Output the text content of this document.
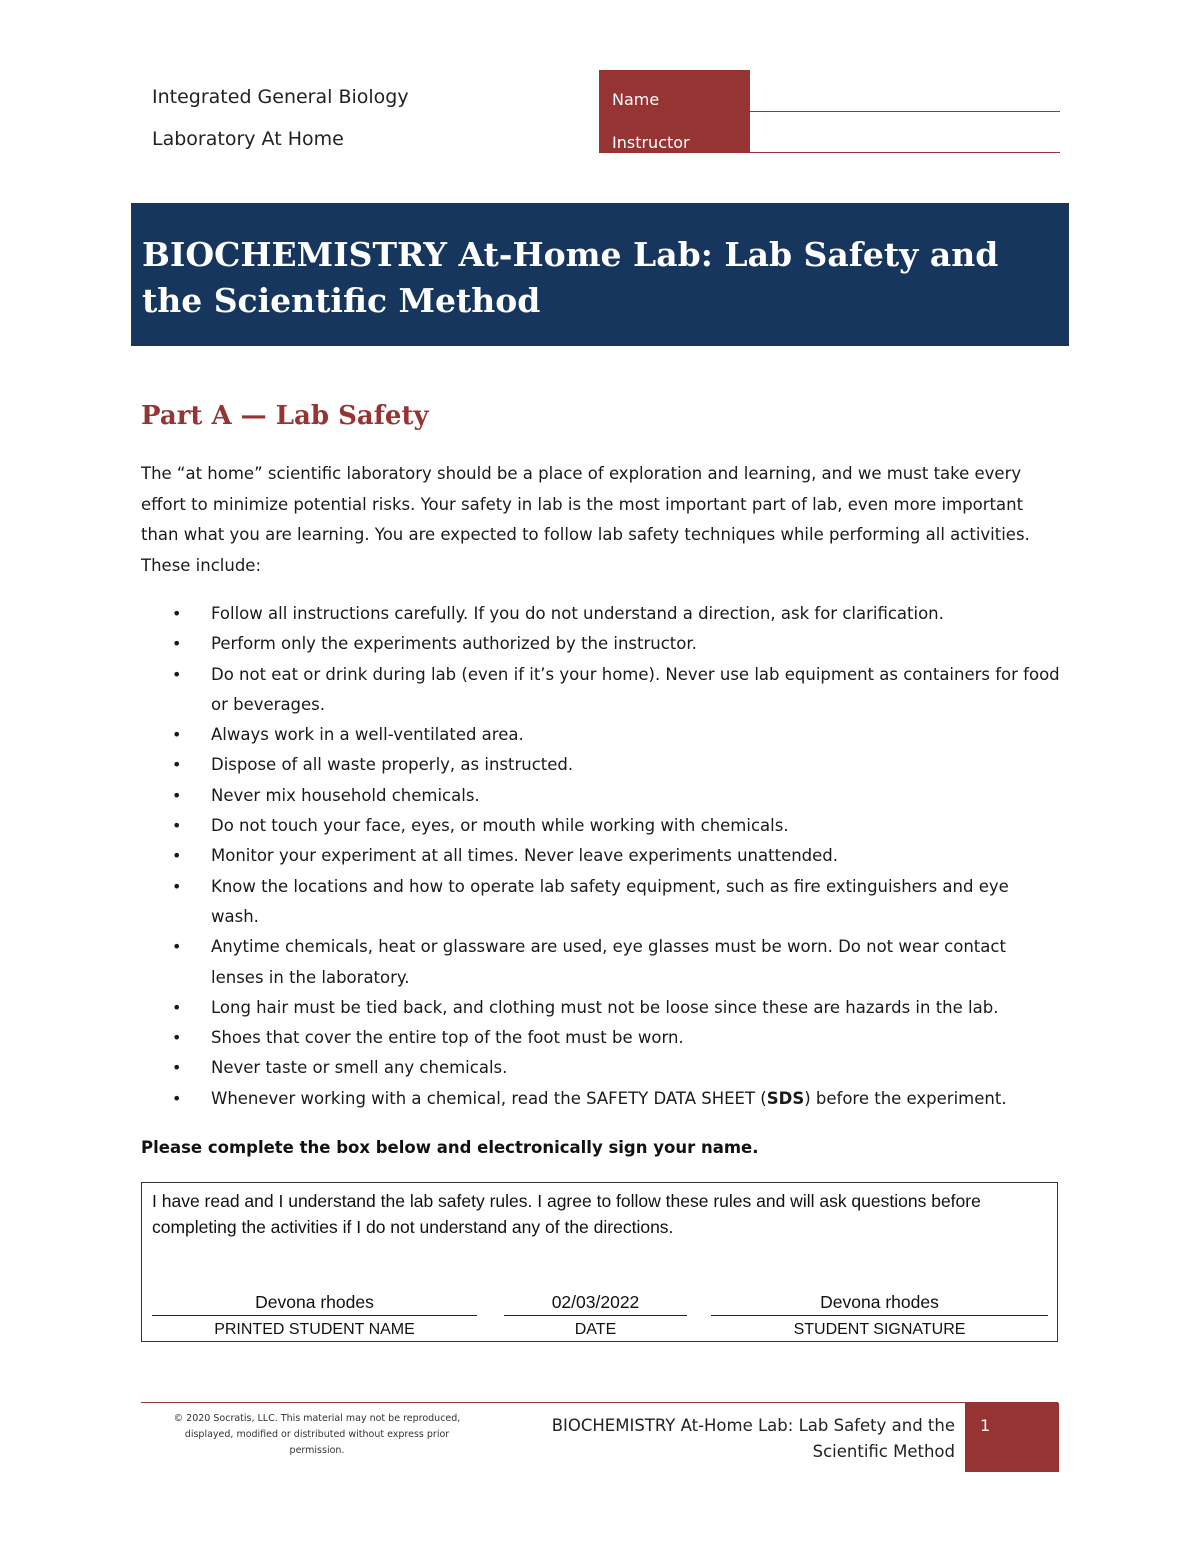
Integrated General Biology
Laboratory At Home
Name
Instructor
BIOCHEMISTRY At-Home Lab: Lab Safety and the Scientific Method
Part A — Lab Safety
The “at home” scientific laboratory should be a place of exploration and learning, and we must take every effort to minimize potential risks. Your safety in lab is the most important part of lab, even more important than what you are learning. You are expected to follow lab safety techniques while performing all activities. These include:
• Follow all instructions carefully. If you do not understand a direction, ask for clarification.
• Perform only the experiments authorized by the instructor.
• Do not eat or drink during lab (even if it’s your home). Never use lab equipment as containers for food or beverages.
• Always work in a well-ventilated area.
• Dispose of all waste properly, as instructed.
• Never mix household chemicals.
• Do not touch your face, eyes, or mouth while working with chemicals.
• Monitor your experiment at all times. Never leave experiments unattended.
• Know the locations and how to operate lab safety equipment, such as fire extinguishers and eye wash.
• Anytime chemicals, heat or glassware are used, eye glasses must be worn. Do not wear contact lenses in the laboratory.
• Long hair must be tied back, and clothing must not be loose since these are hazards in the lab.
• Shoes that cover the entire top of the foot must be worn.
• Never taste or smell any chemicals.
• Whenever working with a chemical, read the SAFETY DATA SHEET (SDS) before the experiment.
Please complete the box below and electronically sign your name.
I have read and I understand the lab safety rules. I agree to follow these rules and will ask questions before completing the activities if I do not understand any of the directions.
Devona rhodes
PRINTED STUDENT NAME
02/03/2022
DATE
Devona rhodes
STUDENT SIGNATURE
© 2020 Socratis, LLC. This material may not be reproduced, displayed, modified or distributed without express prior permission.
BIOCHEMISTRY At-Home Lab: Lab Safety and the
Scientific Method
1
